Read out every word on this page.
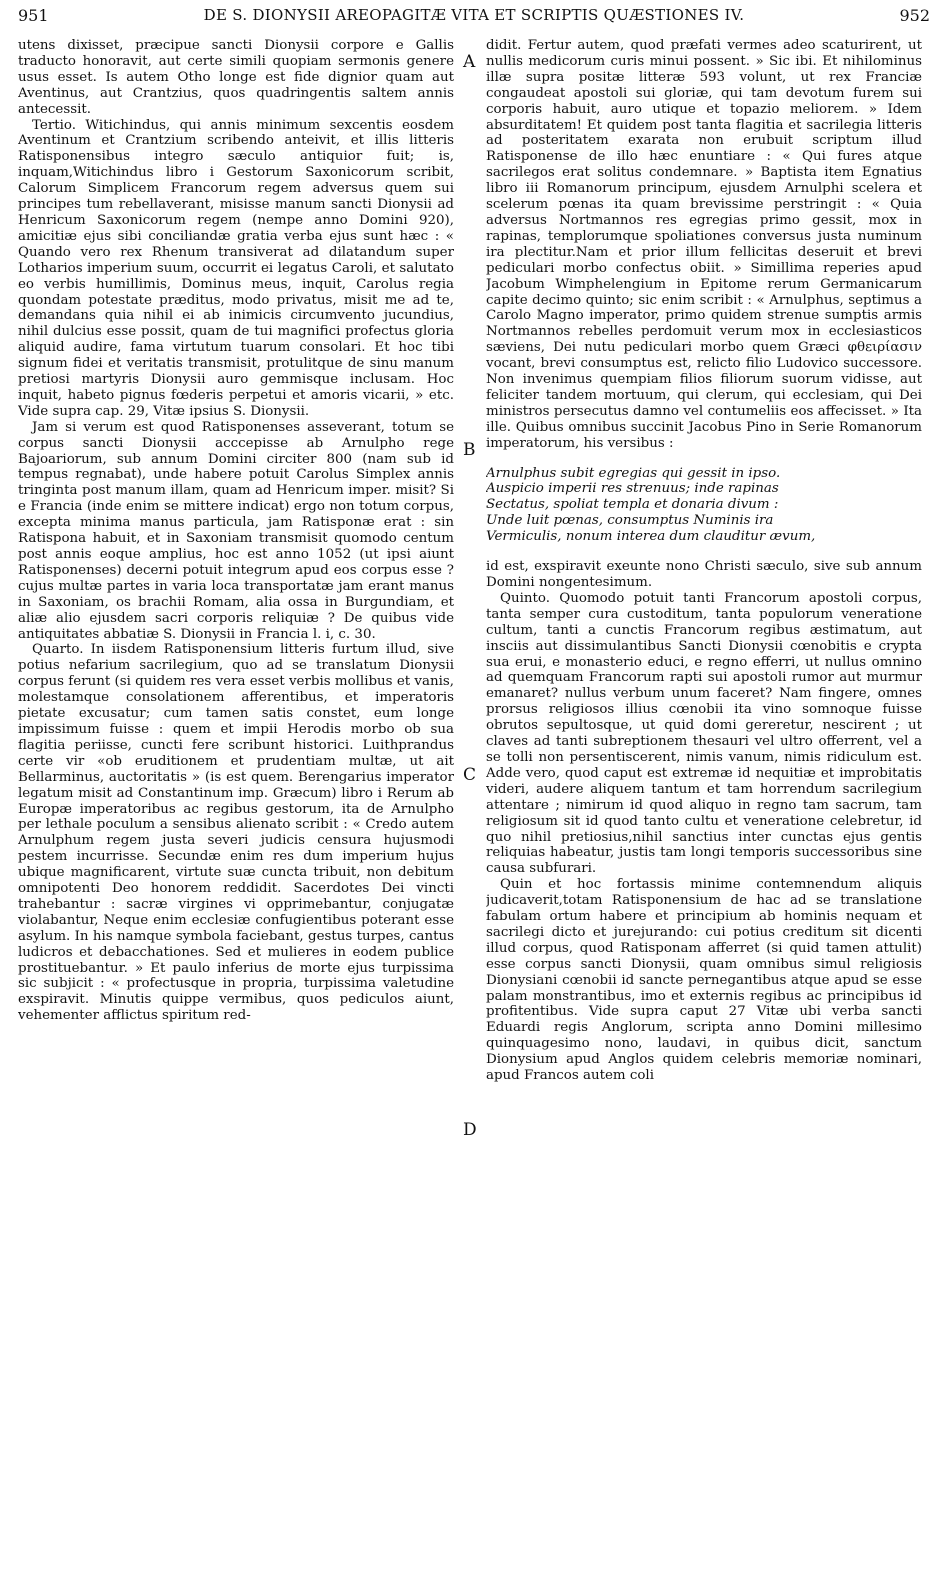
951	DE S. DIONYSII AREOPAGITÆ VITA ET SCRIPTIS QUÆSTIONES IV.	952
A
B
C
D

utens dixisset, præcipue sancti Dionysii corpore e Gallis traducto honoravit, aut certe simili quopiam sermonis genere usus esset. Is autem Otho longe est fide dignior quam aut Aventinus, aut Crantzius, quos quadringentis saltem annis antecessit.

Tertio. Witichindus, qui annis minimum sexcentis eosdem Aventinum et Crantzium scribendo anteivit, et illis litteris Ratisponensibus integro sæculo antiquior fuit; is, inquam,Witichindus libro i Gestorum Saxonicorum scribit, Calorum Simplicem Francorum regem adversus quem sui principes tum rebellaverant, misisse manum sancti Dionysii ad Henricum Saxonicorum regem (nempe anno Domini 920), amicitiæ ejus sibi conciliandæ gratia verba ejus sunt hæc : « Quando vero rex Rhenum transiverat ad dilatandum super Lotharios imperium suum, occurrit ei legatus Caroli, et salutato eo verbis humillimis, Dominus meus, inquit, Carolus regia quondam potestate præditus, modo privatus, misit me ad te, demandans quia nihil ei ab inimicis circumvento jucundius, nihil dulcius esse possit, quam de tui magnifici profectus gloria aliquid audire, fama virtutum tuarum consolari. Et hoc tibi signum fidei et veritatis transmisit, protulitque de sinu manum pretiosi martyris Dionysii auro gemmisque inclusam. Hoc inquit, habeto pignus fœderis perpetui et amoris vicarii, » etc. Vide supra cap. 29, Vitæ ipsius S. Dionysii.

Jam si verum est quod Ratisponenses asseverant, totum se corpus sancti Dionysii acccepisse ab Arnulpho rege Bajoariorum, sub annum Domini circiter 800 (nam sub id tempus regnabat), unde habere potuit Carolus Simplex annis tringinta post manum illam, quam ad Henricum imper. misit? Si e Francia (inde enim se mittere indicat) ergo non totum corpus, excepta minima manus particula, jam Ratisponæ erat : sin Ratispona habuit, et in Saxoniam transmisit quomodo centum post annis eoque amplius, hoc est anno 1052 (ut ipsi aiunt Ratisponenses) decerni potuit integrum apud eos corpus esse ? cujus multæ partes in varia loca transportatæ jam erant manus in Saxoniam, os brachii Romam, alia ossa in Burgundiam, et aliæ alio ejusdem sacri corporis reliquiæ ? De quibus vide antiquitates abbatiæ S. Dionysii in Francia l. i, c. 30.

Quarto. In iisdem Ratisponensium litteris furtum illud, sive potius nefarium sacrilegium, quo ad se translatum Dionysii corpus ferunt (si quidem res vera esset verbis mollibus et vanis, molestamque consolationem afferentibus, et imperatoris pietate excusatur; cum tamen satis constet, eum longe impissimum fuisse : quem et impii Herodis morbo ob sua flagitia periisse, cuncti fere scribunt historici. Luithprandus certe vir «ob eruditionem et prudentiam multæ, ut ait Bellarminus, auctoritatis » (is est quem. Berengarius imperator legatum misit ad Constantinum imp. Græcum) libro i Rerum ab Europæ imperatoribus ac regibus gestorum, ita de Arnulpho per lethale poculum a sensibus alienato scribit : « Credo autem Arnulphum regem justa severi judicis censura hujusmodi pestem incurrisse. Secundæ enim res dum imperium hujus ubique magnificarent, virtute suæ cuncta tribuit, non debitum omnipotenti Deo honorem reddidit. Sacerdotes Dei vincti trahebantur : sacræ virgines vi opprimebantur, conjugatæ violabantur, Neque enim ecclesiæ confugientibus poterant esse asylum. In his namque symbola faciebant, gestus turpes, cantus ludicros et debacchationes. Sed et mulieres in eodem publice prostituebantur. » Et paulo inferius de morte ejus turpissima sic subjicit : « profectusque in propria, turpissima valetudine exspiravit. Minutis quippe vermibus, quos pediculos aiunt, vehementer afflictus spiritum red-

didit. Fertur autem, quod præfati vermes adeo scaturirent, ut nullis medicorum curis minui possent. » Sic ibi. Et nihilominus illæ supra positæ litteræ 593 volunt, ut rex Franciæ congaudeat apostoli sui gloriæ, qui tam devotum furem sui corporis habuit, auro utique et topazio meliorem. » Idem absurditatem! Et quidem post tanta flagitia et sacrilegia litteris ad posteritatem exarata non erubuit scriptum illud Ratisponense de illo hæc enuntiare : « Qui fures atque sacrilegos erat solitus condemnare. » Baptista item Egnatius libro iii Romanorum principum, ejusdem Arnulphi scelera et scelerum pœnas ita quam brevissime perstringit : « Quia adversus Nortmannos res egregias primo gessit, mox in rapinas, templorumque spoliationes conversus justa numinum ira plectitur.Nam et prior illum fellicitas deseruit et brevi pediculari morbo confectus obiit. » Simillima reperies apud Jacobum Wimphelengium in Epitome rerum Germanicarum capite decimo quinto; sic enim scribit : « Arnulphus, septimus a Carolo Magno imperator, primo quidem strenue sumptis armis Nortmannos rebelles perdomuit verum mox in ecclesiasticos sæviens, Dei nutu pediculari morbo quem Græci φθειρίασιν vocant, brevi consumptus est, relicto filio Ludovico successore. Non invenimus quempiam filios filiorum suorum vidisse, aut feliciter tandem mortuum, qui clerum, qui ecclesiam, qui Dei ministros persecutus damno vel contumeliis eos affecisset. » Ita ille. Quibus omnibus succinit Jacobus Pino in Serie Romanorum imperatorum, his versibus :

Arnulphus subit egregias qui gessit in ipso.
Auspicio imperii res strenuus; inde rapinas
Sectatus, spoliat templa et donaria divum :
Unde luit pœnas, consumptus Numinis ira
Vermiculis, nonum interea dum clauditur ævum,

id est, exspiravit exeunte nono Christi sæculo, sive sub annum Domini nongentesimum.

Quinto. Quomodo potuit tanti Francorum apostoli corpus, tanta semper cura custoditum, tanta populorum veneratione cultum, tanti a cunctis Francorum regibus æstimatum, aut insciis aut dissimulantibus Sancti Dionysii cœnobitis e crypta sua erui, e monasterio educi, e regno efferri, ut nullus omnino ad quemquam Francorum rapti sui apostoli rumor aut murmur emanaret? nullus verbum unum faceret? Nam fingere, omnes prorsus religiosos illius cœnobii ita vino somnoque fuisse obrutos sepultosque, ut quid domi gereretur, nescirent ; ut claves ad tanti subreptionem thesauri vel ultro offerrent, vel a se tolli non persentiscerent, nimis vanum, nimis ridiculum est. Adde vero, quod caput est extremæ id nequitiæ et improbitatis videri, audere aliquem tantum et tam horrendum sacrilegium attentare ; nimirum id quod aliquo in regno tam sacrum, tam religiosum sit id quod tanto cultu et veneratione celebretur, id quo nihil pretiosius,nihil sanctius inter cunctas ejus gentis reliquias habeatur, justis tam longi temporis successoribus sine causa subfurari.

Quin et hoc fortassis minime contemnendum aliquis judicaverit,totam Ratisponensium de hac ad se translatione fabulam ortum habere et principium ab hominis nequam et sacrilegi dicto et jurejurando: cui potius creditum sit dicenti illud corpus, quod Ratisponam afferret (si quid tamen attulit) esse corpus sancti Dionysii, quam omnibus simul religiosis Dionysiani cœnobii id sancte pernegantibus atque apud se esse palam monstrantibus, imo et externis regibus ac principibus id profitentibus. Vide supra caput 27 Vitæ ubi verba sancti Eduardi regis Anglorum, scripta anno Domini millesimo quinquagesimo nono, laudavi, in quibus dicit, sanctum Dionysium apud Anglos quidem celebris memoriæ nominari, apud Francos autem coli
